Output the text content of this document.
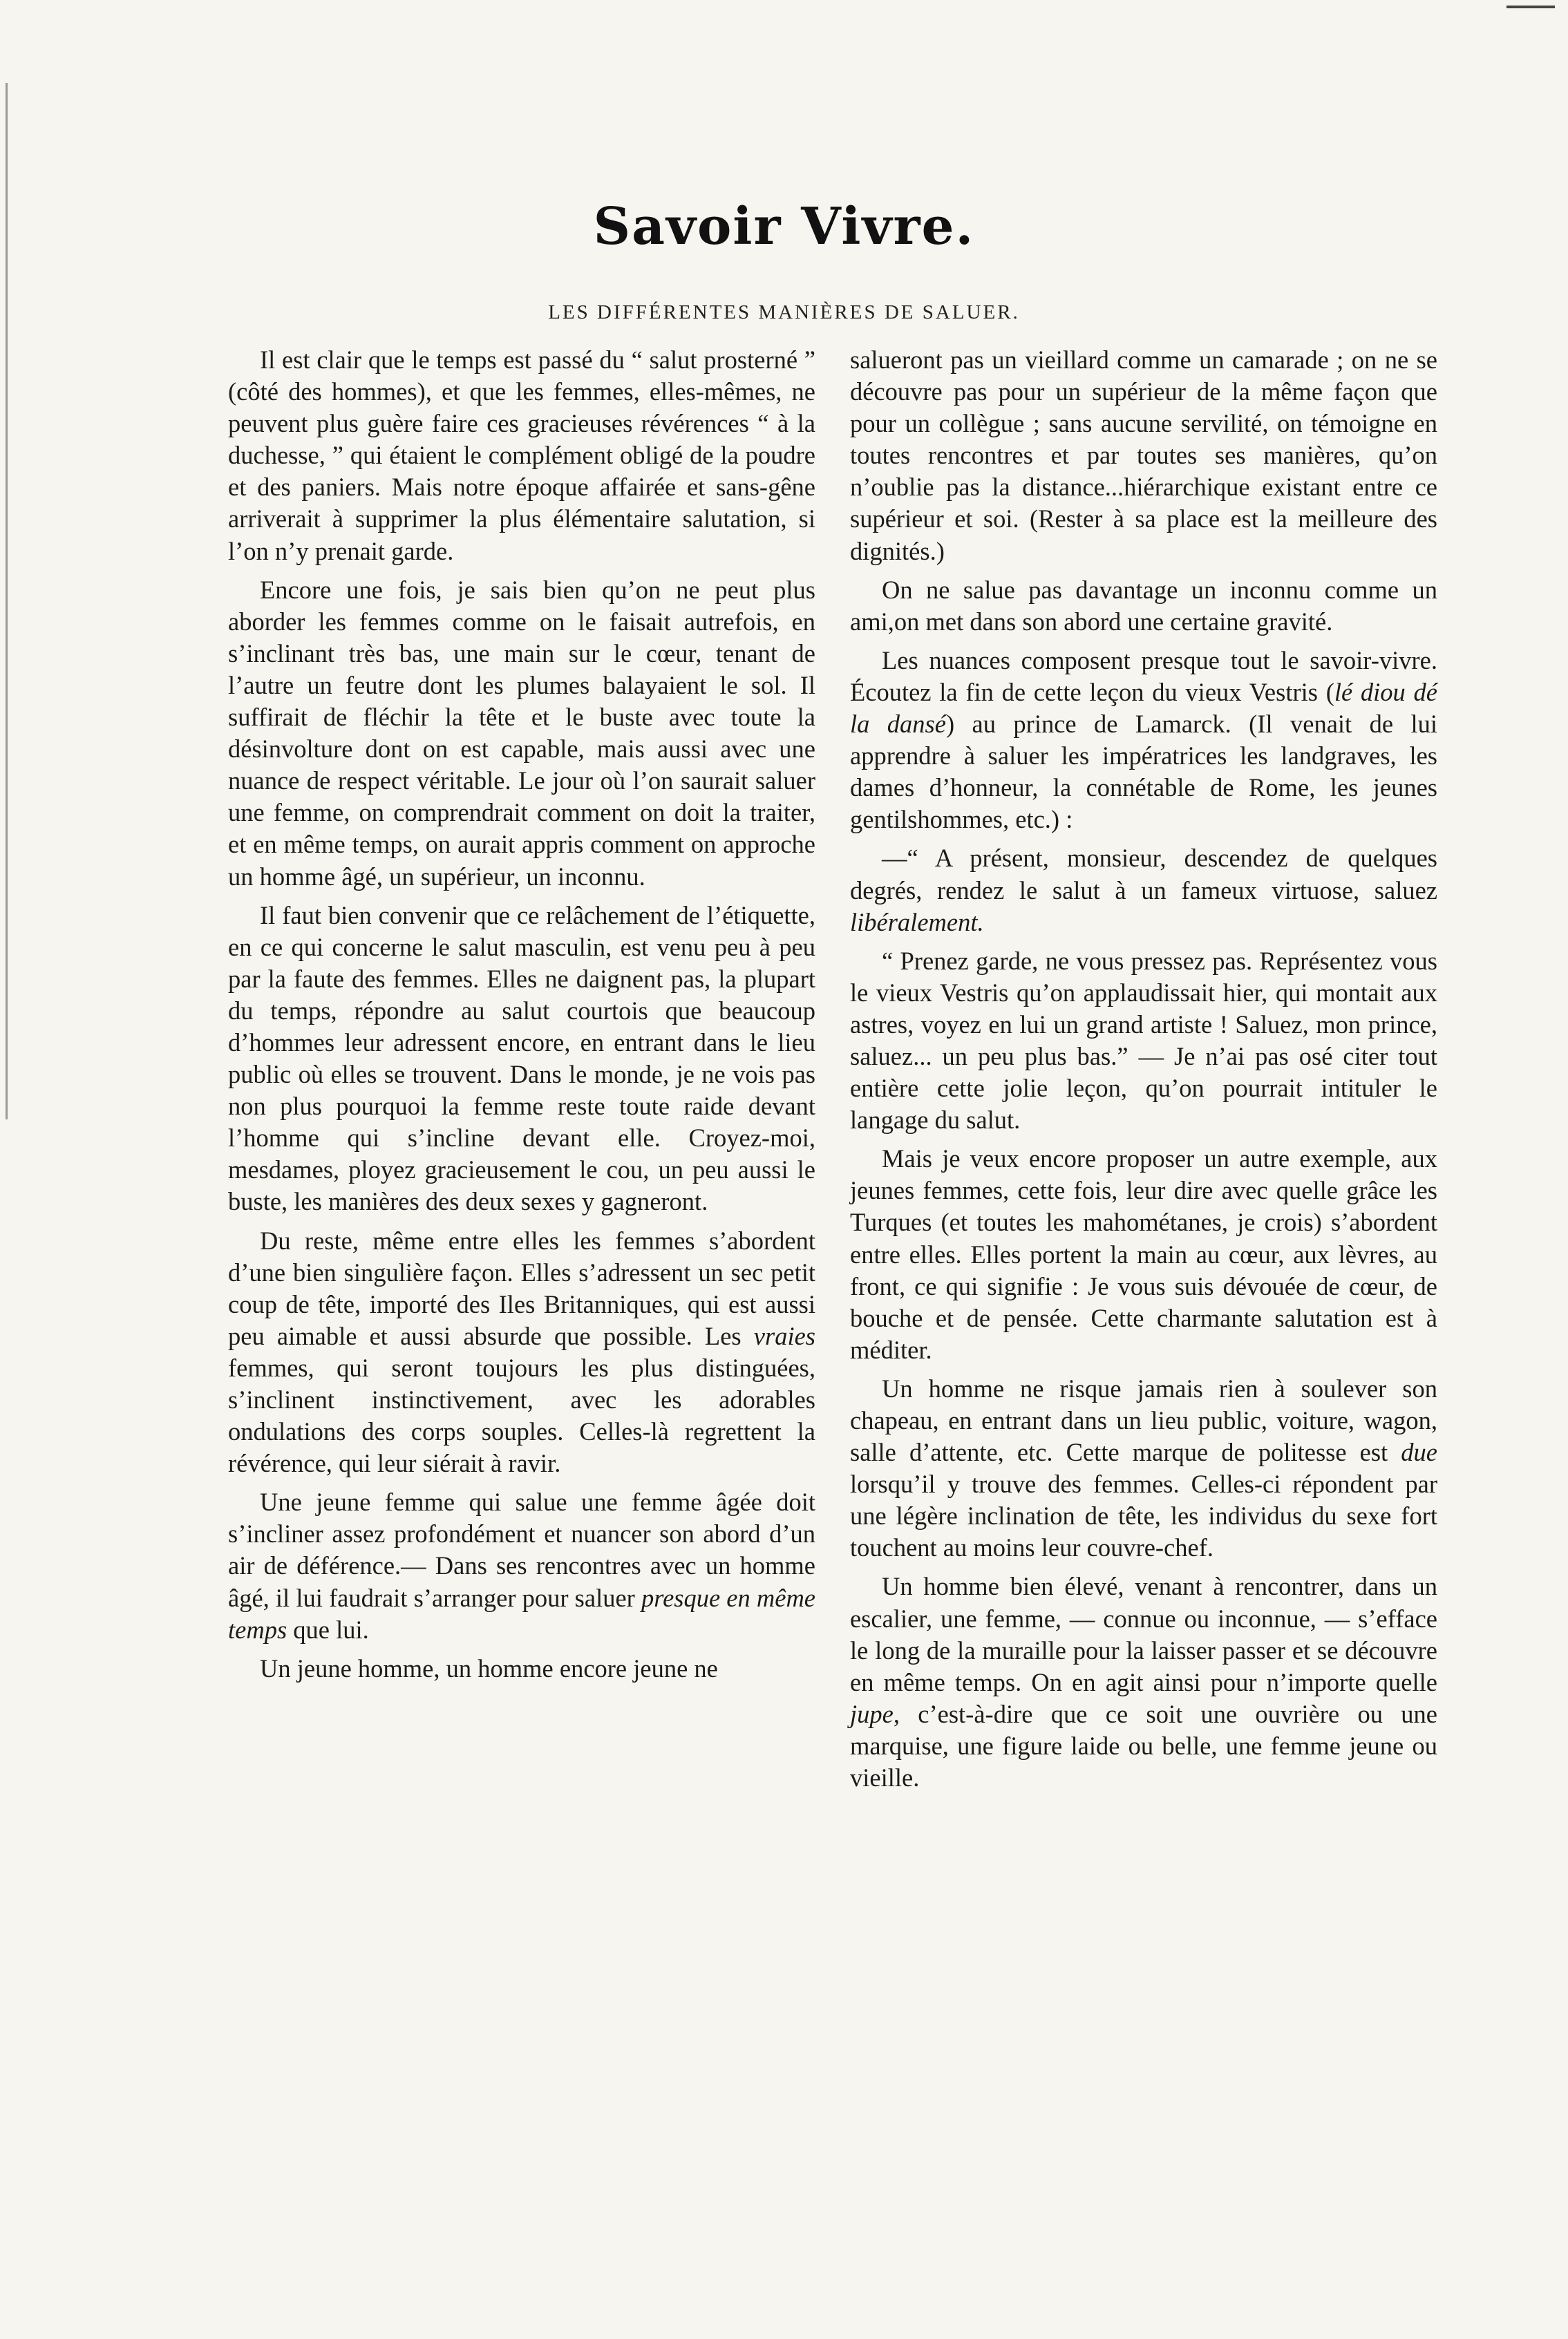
Savoir Vivre.
LES DIFFÉRENTES MANIÈRES DE SALUER.

Il est clair que le temps est passé du “ salut prosterné ” (côté des hommes), et que les femmes, elles-mêmes, ne peuvent plus guère faire ces gracieuses révérences “ à la duchesse, ” qui étaient le complément obligé de la poudre et des paniers. Mais notre époque affairée et sans-gêne arriverait à supprimer la plus élémentaire salutation, si l’on n’y prenait garde.

Encore une fois, je sais bien qu’on ne peut plus aborder les femmes comme on le faisait autrefois, en s’inclinant très bas, une main sur le cœur, tenant de l’autre un feutre dont les plumes balayaient le sol. Il suffirait de fléchir la tête et le buste avec toute la désinvolture dont on est capable, mais aussi avec une nuance de respect véritable. Le jour où l’on saurait saluer une femme, on comprendrait comment on doit la traiter, et en même temps, on aurait appris comment on approche un homme âgé, un supérieur, un inconnu.

Il faut bien convenir que ce relâchement de l’étiquette, en ce qui concerne le salut masculin, est venu peu à peu par la faute des femmes. Elles ne daignent pas, la plupart du temps, répondre au salut courtois que beaucoup d’hommes leur adressent encore, en entrant dans le lieu public où elles se trouvent. Dans le monde, je ne vois pas non plus pourquoi la femme reste toute raide devant l’homme qui s’incline devant elle. Croyez-moi, mesdames, ployez gracieusement le cou, un peu aussi le buste, les manières des deux sexes y gagneront.

Du reste, même entre elles les femmes s’abordent d’une bien singulière façon. Elles s’adressent un sec petit coup de tête, importé des Iles Britanniques, qui est aussi peu aimable et aussi absurde que possible. Les vraies femmes, qui seront toujours les plus distinguées, s’inclinent instinctivement, avec les adorables ondulations des corps souples. Celles-là regrettent la révérence, qui leur siérait à ravir.

Une jeune femme qui salue une femme âgée doit s’incliner assez profondément et nuancer son abord d’un air de déférence.— Dans ses rencontres avec un homme âgé, il lui faudrait s’arranger pour saluer presque en même temps que lui.

Un jeune homme, un homme encore jeune ne

salueront pas un vieillard comme un camarade ; on ne se découvre pas pour un supérieur de la même façon que pour un collègue ; sans aucune servilité, on témoigne en toutes rencontres et par toutes ses manières, qu’on n’oublie pas la distance...hiérarchique existant entre ce supérieur et soi. (Rester à sa place est la meilleure des dignités.)

On ne salue pas davantage un inconnu comme un ami,on met dans son abord une certaine gravité.

Les nuances composent presque tout le savoir-vivre. Écoutez la fin de cette leçon du vieux Vestris (lé diou dé la dansé) au prince de Lamarck. (Il venait de lui apprendre à saluer les impératrices les landgraves, les dames d’honneur, la connétable de Rome, les jeunes gentilshommes, etc.) :

—“ A présent, monsieur, descendez de quelques degrés, rendez le salut à un fameux virtuose, saluez libéralement.

“ Prenez garde, ne vous pressez pas. Représentez vous le vieux Vestris qu’on applaudissait hier, qui montait aux astres, voyez en lui un grand artiste ! Saluez, mon prince, saluez... un peu plus bas.” — Je n’ai pas osé citer tout entière cette jolie leçon, qu’on pourrait intituler le langage du salut.

Mais je veux encore proposer un autre exemple, aux jeunes femmes, cette fois, leur dire avec quelle grâce les Turques (et toutes les mahométanes, je crois) s’abordent entre elles. Elles portent la main au cœur, aux lèvres, au front, ce qui signifie : Je vous suis dévouée de cœur, de bouche et de pensée. Cette charmante salutation est à méditer.

Un homme ne risque jamais rien à soulever son chapeau, en entrant dans un lieu public, voiture, wagon, salle d’attente, etc. Cette marque de politesse est due lorsqu’il y trouve des femmes. Celles-ci répondent par une légère inclination de tête, les individus du sexe fort touchent au moins leur couvre-chef.

Un homme bien élevé, venant à rencontrer, dans un escalier, une femme, — connue ou inconnue, — s’efface le long de la muraille pour la laisser passer et se découvre en même temps. On en agit ainsi pour n’importe quelle jupe, c’est-à-dire que ce soit une ouvrière ou une marquise, une figure laide ou belle, une femme jeune ou vieille.
